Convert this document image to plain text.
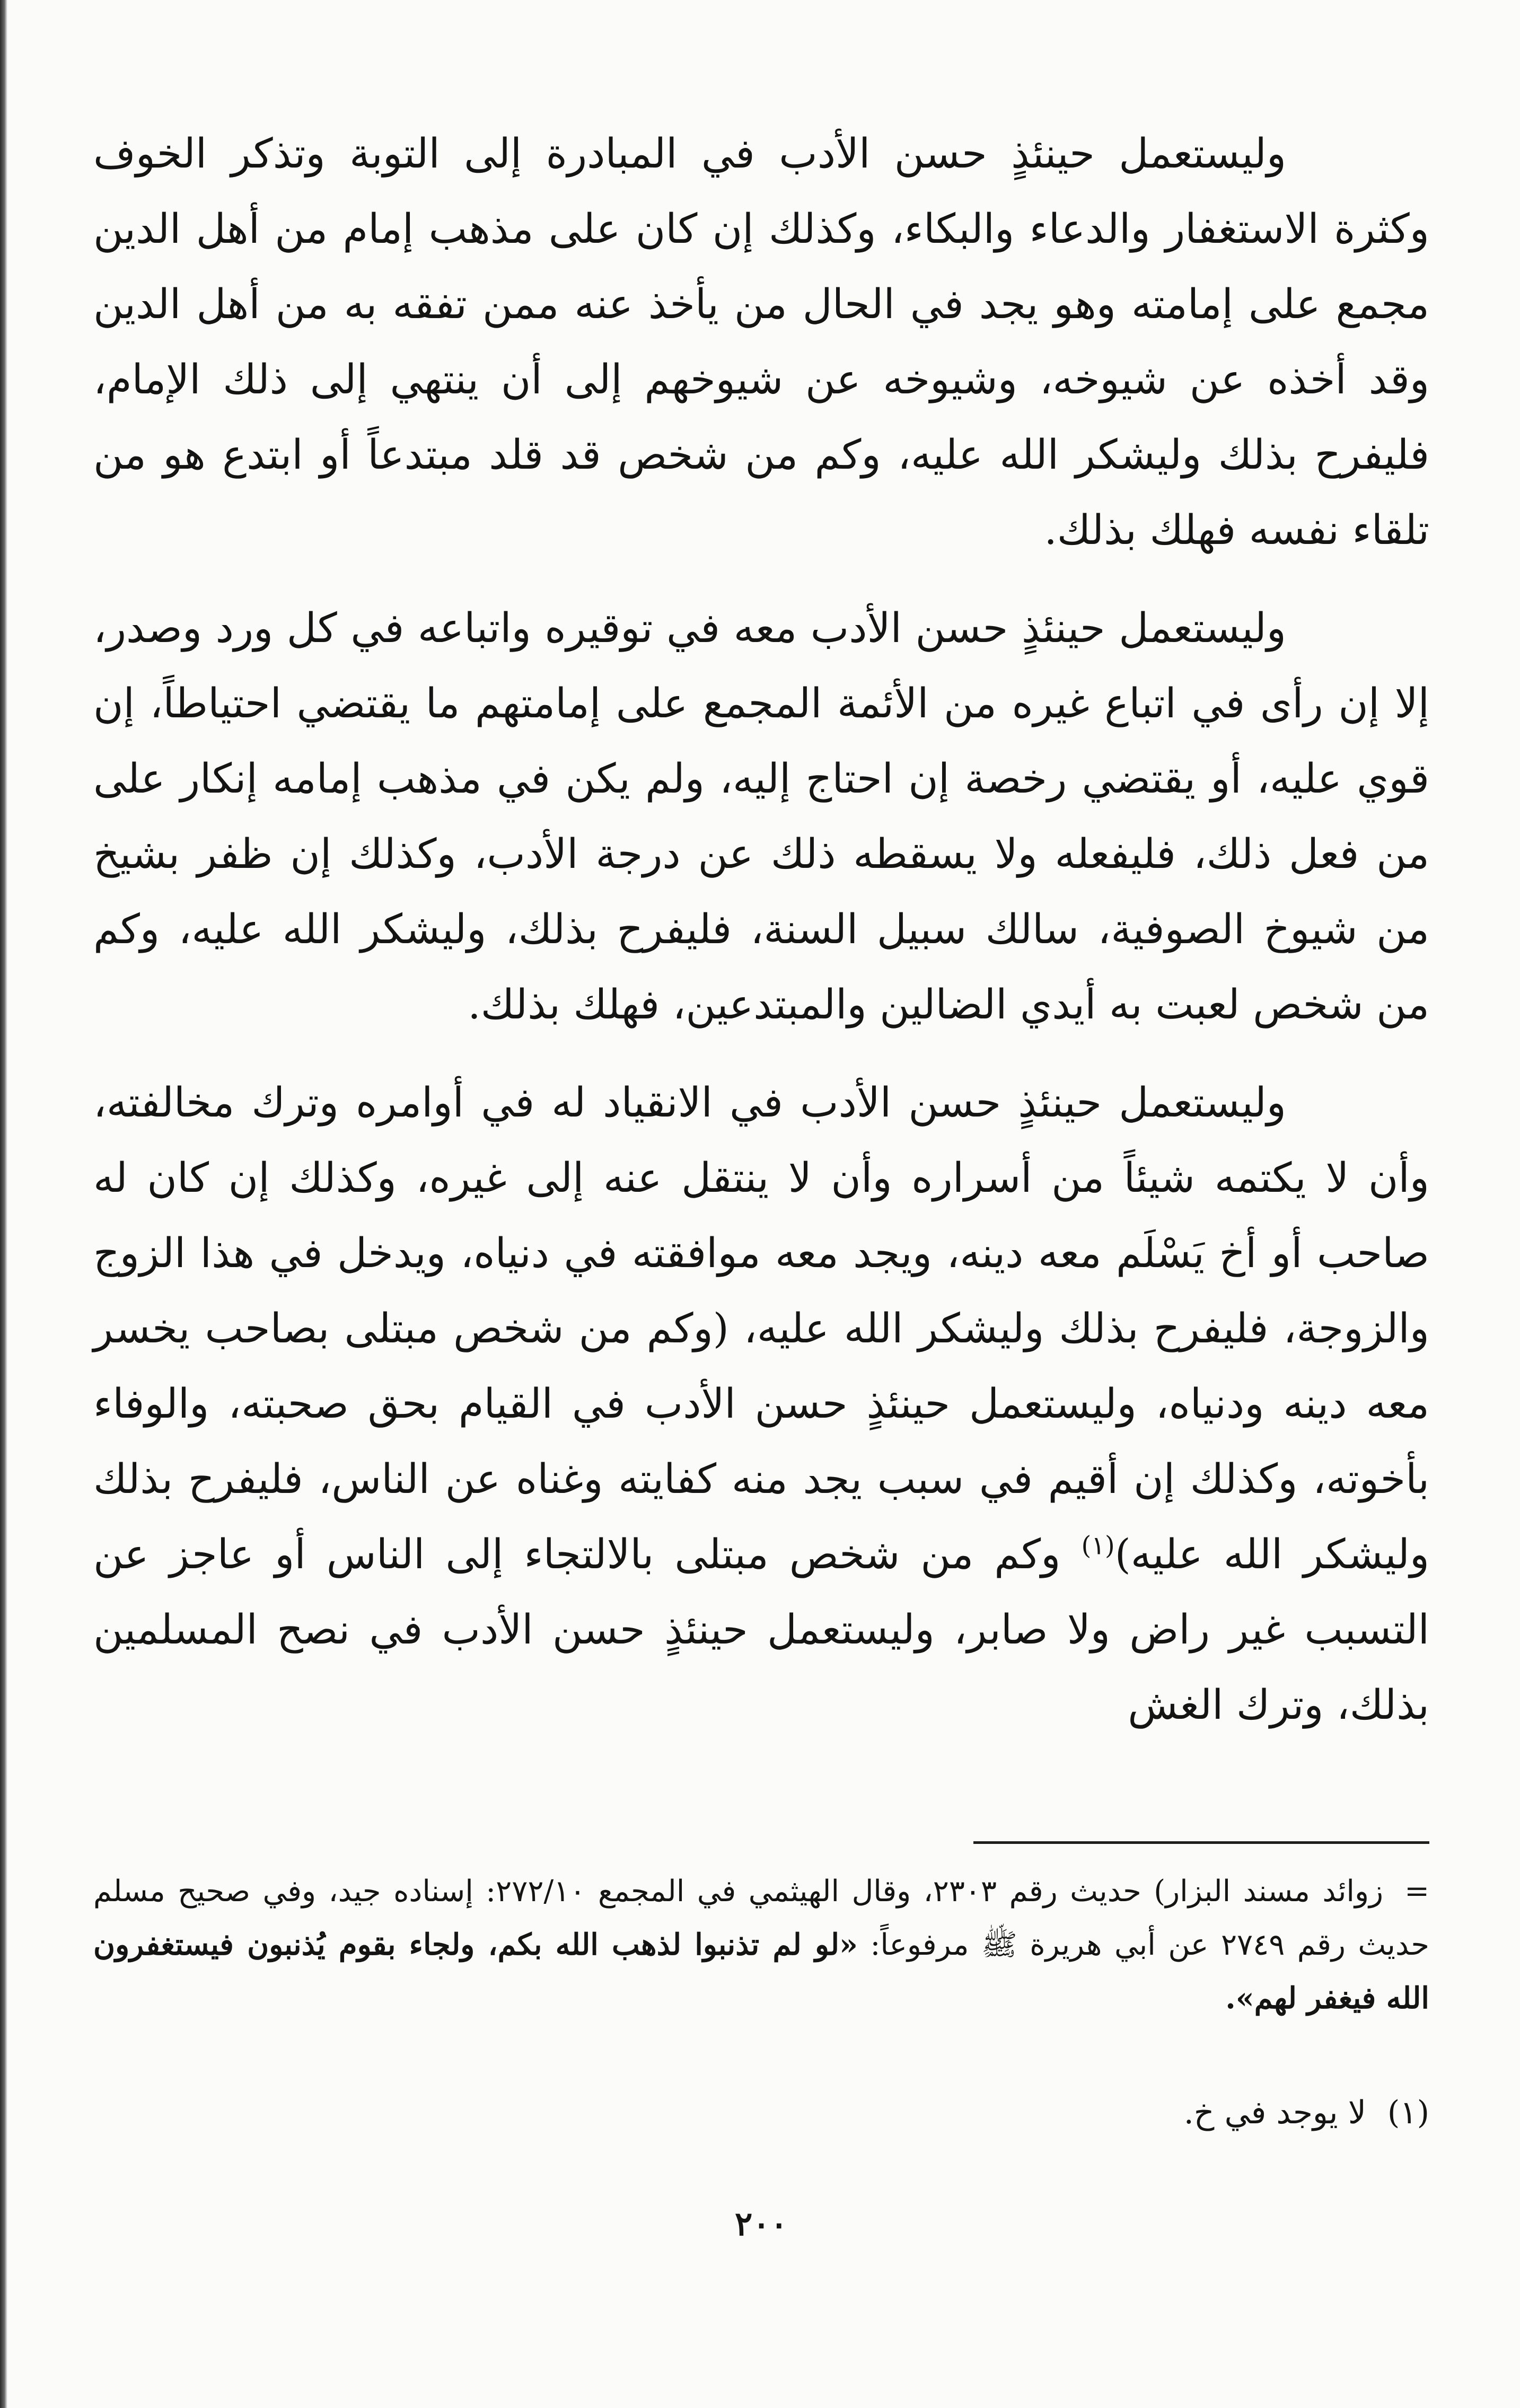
وليستعمل حينئذٍ حسن الأدب في المبادرة إلى التوبة وتذكر الخوف وكثرة الاستغفار والدعاء والبكاء، وكذلك إن كان على مذهب إمام من أهل الدين مجمع على إمامته وهو يجد في الحال من يأخذ عنه ممن تفقه به من أهل الدين وقد أخذه عن شيوخه، وشيوخه عن شيوخهم إلى أن ينتهي إلى ذلك الإمام، فليفرح بذلك وليشكر الله عليه، وكم من شخص قد قلد مبتدعاً أو ابتدع هو من تلقاء نفسه فهلك بذلك.

وليستعمل حينئذٍ حسن الأدب معه في توقيره واتباعه في كل ورد وصدر، إلا إن رأى في اتباع غيره من الأئمة المجمع على إمامتهم ما يقتضي احتياطاً، إن قوي عليه، أو يقتضي رخصة إن احتاج إليه، ولم يكن في مذهب إمامه إنكار على من فعل ذلك، فليفعله ولا يسقطه ذلك عن درجة الأدب، وكذلك إن ظفر بشيخ من شيوخ الصوفية، سالك سبيل السنة، فليفرح بذلك، وليشكر الله عليه، وكم من شخص لعبت به أيدي الضالين والمبتدعين، فهلك بذلك.

وليستعمل حينئذٍ حسن الأدب في الانقياد له في أوامره وترك مخالفته، وأن لا يكتمه شيئاً من أسراره وأن لا ينتقل عنه إلى غيره، وكذلك إن كان له صاحب أو أخ يَسْلَم معه دينه، ويجد معه موافقته في دنياه، ويدخل في هذا الزوج والزوجة، فليفرح بذلك وليشكر الله عليه، (وكم من شخص مبتلى بصاحب يخسر معه دينه ودنياه، وليستعمل حينئذٍ حسن الأدب في القيام بحق صحبته، والوفاء بأخوته، وكذلك إن أقيم في سبب يجد منه كفايته وغناه عن الناس، فليفرح بذلك وليشكر الله عليه)$^{(١)}$ وكم من شخص مبتلى بالالتجاء إلى الناس أو عاجز عن التسبب غير راض ولا صابر، وليستعمل حينئذٍ حسن الأدب في نصح المسلمين بذلك، وترك الغش

=زوائد مسند البزار) حديث رقم ٢٣٠٣، وقال الهيثمي في المجمع ٢٧٢/١٠: إسناده جيد، وفي صحيح مسلم حديث رقم ٢٧٤٩ عن أبي هريرة ﷺ مرفوعاً: «لو لم تذنبوا لذهب الله بكم، ولجاء بقوم يُذنبون فيستغفرون الله فيغفر لهم».

(١)لا يوجد في خ.

٢٠٠
